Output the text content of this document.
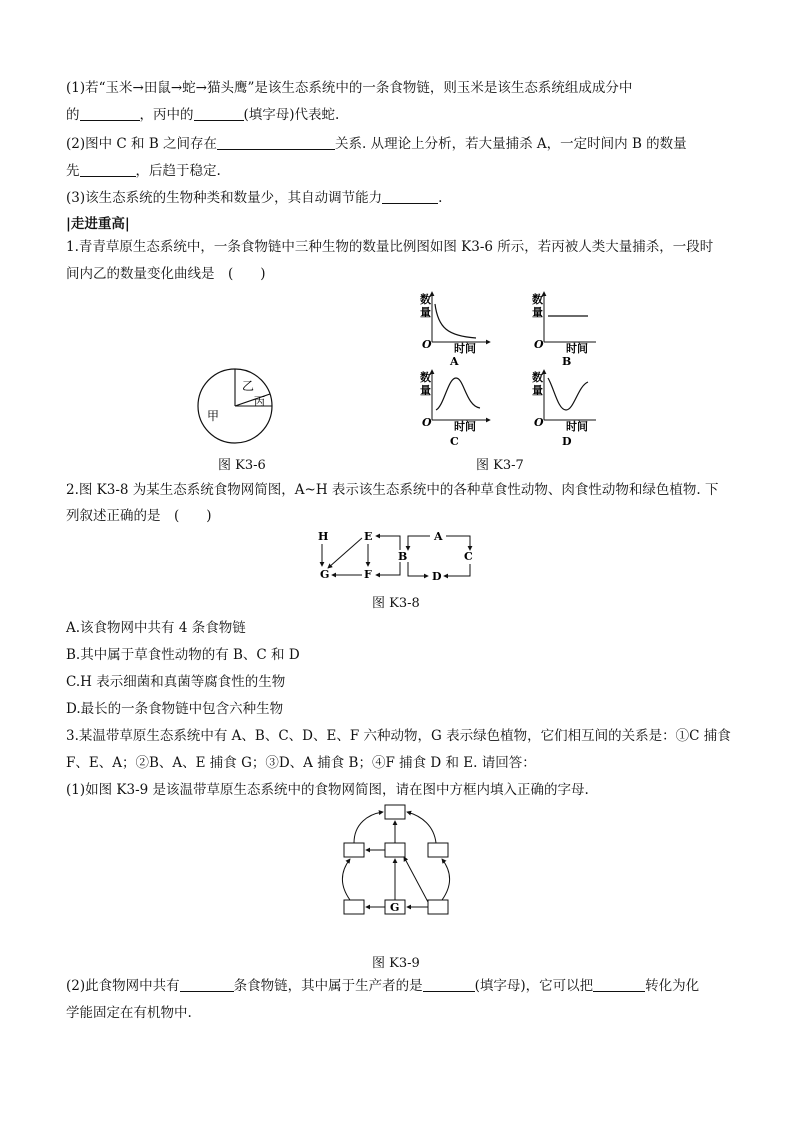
(1)若“玉米→田鼠→蛇→猫头鹰”是该生态系统中的一条食物链，则玉米是该生态系统组成成分中
的	，丙中的	(填字母)代表蛇.
(2)图中 C 和 B 之间存在	关系. 从理论上分析，若大量捕杀 A，一定时间内 B 的数量
先	，后趋于稳定.
(3)该生态系统的生物种类和数量少，其自动调节能力	.
|走进重高|
1.青青草原生态系统中，一条食物链中三种生物的数量比例图如图 K3-6 所示，若丙被人类大量捕杀，一段时
间内乙的数量变化曲线是　(　　)
甲
乙
丙
图 K3-6
数
量
O 时间
A
数
量
O 时间
B
数
量
O 时间
C
数
量
O 时间
D
图 K3-7
2.图 K3-8 为某生态系统食物网简图，A~H 表示该生态系统中的各种草食性动物、肉食性动物和绿色植物. 下
列叙述正确的是　(　　)
H	E	A
G	F
B	C
D
图 K3-8
A.该食物网中共有 4 条食物链
B.其中属于草食性动物的有 B、C 和 D
C.H 表示细菌和真菌等腐食性的生物
D.最长的一条食物链中包含六种生物
3.某温带草原生态系统中有 A、B、C、D、E、F 六种动物，G 表示绿色植物，它们相互间的关系是：①C 捕食
F、E、A；②B、A、E 捕食 G；③D、A 捕食 B；④F 捕食 D 和 E. 请回答：
(1)如图 K3-9 是该温带草原生态系统中的食物网简图，请在图中方框内填入正确的字母.
G
图 K3-9
(2)此食物网中共有	条食物链，其中属于生产者的是	(填字母)，它可以把	转化为化
学能固定在有机物中.
